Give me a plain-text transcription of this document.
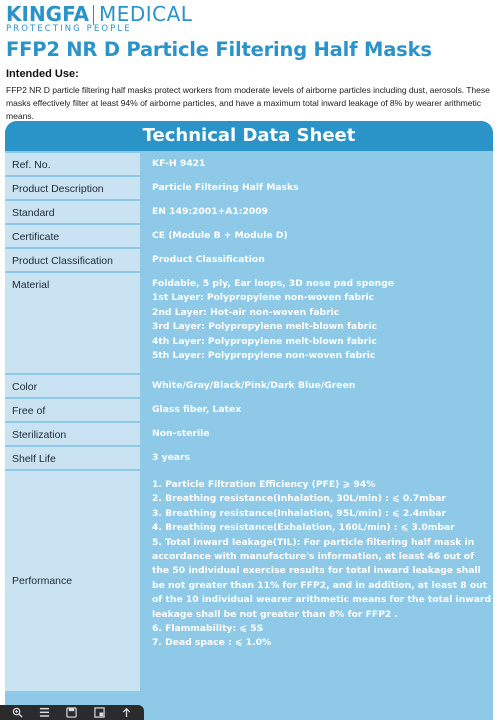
KINGFA MEDICAL
PROTECTING PEOPLE
FFP2 NR D Particle Filtering Half Masks
Intended Use:
FFP2 NR D particle filtering half masks protect workers from moderate levels of airborne particles including dust, aerosols. These masks effectively filter at least 94% of airborne particles, and have a maximum total inward leakage of 8% by wearer arithmetic means.
Technical Data Sheet
Ref. No.	KF-H 9421
Product Description	Particle Filtering Half Masks
Standard	EN 149:2001+A1:2009
Certificate	CE (Module B + Module D)
Product Classification	Product Classification
Material	Foldable, 5 ply, Ear loops, 3D nose pad sponge
1st Layer: Polypropylene non-woven fabric
2nd Layer: Hot-air non-woven fabric
3rd Layer: Polypropylene melt-blown fabric
4th Layer: Polypropylene melt-blown fabric
5th Layer: Polypropylene non-woven fabric
Color	White/Gray/Black/Pink/Dark Blue/Green
Free of	Glass fiber, Latex
Sterilization	Non-sterile
Shelf Life	3 years
Performance
1. Particle Filtration Efficiency (PFE) ⩾ 94%
2. Breathing resistance(Inhalation, 30L/min) : ⩽ 0.7mbar
3. Breathing resistance(Inhalation, 95L/min) : ⩽ 2.4mbar
4. Breathing resistance(Exhalation, 160L/min) : ⩽ 3.0mbar
5. Total inward leakage(TIL): For particle filtering half mask in accordance with manufacture's information, at least 46 out of the 50 individual exercise results for total inward leakage shall be not greater than 11% for FFP2, and in addition, at least 8 out of the 10 individual wearer arithmetic means for the total inward leakage shall be not greater than 8% for FFP2 .
6. Flammability: ⩽ 5S
7. Dead space : ⩽ 1.0%
